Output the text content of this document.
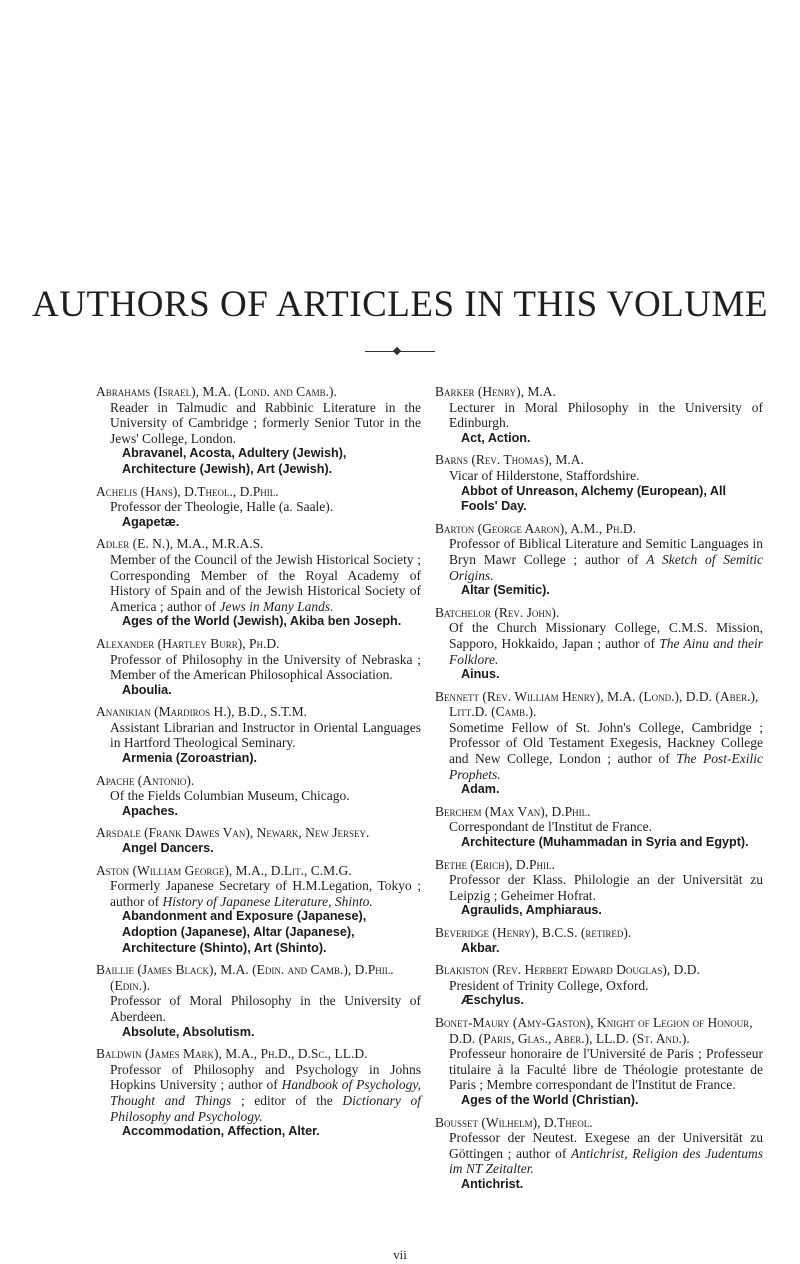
AUTHORS OF ARTICLES IN THIS VOLUME
Abrahams (Israel), M.A. (Lond. and Camb.).
Reader in Talmudic and Rabbinic Literature in the University of Cambridge ; formerly Senior Tutor in the Jews' College, London.
Abravanel, Acosta, Adultery (Jewish), Architecture (Jewish), Art (Jewish).
Achelis (Hans), D.Theol., D.Phil.
Professor der Theologie, Halle (a. Saale).
Agapetæ.
Adler (E. N.), M.A., M.R.A.S.
Member of the Council of the Jewish Historical Society ; Corresponding Member of the Royal Academy of History of Spain and of the Jewish Historical Society of America ; author of Jews in Many Lands.
Ages of the World (Jewish), Akiba ben Joseph.
Alexander (Hartley Burr), Ph.D.
Professor of Philosophy in the University of Nebraska ; Member of the American Philosophical Association.
Aboulia.
Ananikian (Mardiros H.), B.D., S.T.M.
Assistant Librarian and Instructor in Oriental Languages in Hartford Theological Seminary.
Armenia (Zoroastrian).
Apache (Antonio).
Of the Fields Columbian Museum, Chicago.
Apaches.
Arsdale (Frank Dawes Van), Newark, New Jersey.
Angel Dancers.
Aston (William George), M.A., D.Lit., C.M.G.
Formerly Japanese Secretary of H.M.Legation, Tokyo ; author of History of Japanese Literature, Shinto.
Abandonment and Exposure (Japanese), Adoption (Japanese), Altar (Japanese), Architecture (Shinto), Art (Shinto).
Baillie (James Black), M.A. (Edin. and Camb.), D.Phil. (Edin.).
Professor of Moral Philosophy in the University of Aberdeen.
Absolute, Absolutism.
Baldwin (James Mark), M.A., Ph.D., D.Sc., LL.D.
Professor of Philosophy and Psychology in Johns Hopkins University ; author of Handbook of Psychology, Thought and Things ; editor of the Dictionary of Philosophy and Psychology.
Accommodation, Affection, Alter.
Barker (Henry), M.A.
Lecturer in Moral Philosophy in the University of Edinburgh.
Act, Action.
Barns (Rev. Thomas), M.A.
Vicar of Hilderstone, Staffordshire.
Abbot of Unreason, Alchemy (European), All Fools' Day.
Barton (George Aaron), A.M., Ph.D.
Professor of Biblical Literature and Semitic Languages in Bryn Mawr College ; author of A Sketch of Semitic Origins.
Altar (Semitic).
Batchelor (Rev. John).
Of the Church Missionary College, C.M.S. Mission, Sapporo, Hokkaido, Japan ; author of The Ainu and their Folklore.
Ainus.
Bennett (Rev. William Henry), M.A. (Lond.), D.D. (Aber.), Litt.D. (Camb.).
Sometime Fellow of St. John's College, Cambridge ; Professor of Old Testament Exegesis, Hackney College and New College, London ; author of The Post-Exilic Prophets.
Adam.
Berchem (Max Van), D.Phil.
Correspondant de l'Institut de France.
Architecture (Muhammadan in Syria and Egypt).
Bethe (Erich), D.Phil.
Professor der Klass. Philologie an der Universität zu Leipzig ; Geheimer Hofrat.
Agraulids, Amphiaraus.
Beveridge (Henry), B.C.S. (retired).
Akbar.
Blakiston (Rev. Herbert Edward Douglas), D.D.
President of Trinity College, Oxford.
Æschylus.
Bonet-Maury (Amy-Gaston), Knight of Legion of Honour, D.D. (Paris, Glas., Aber.), LL.D. (St. And.).
Professeur honoraire de l'Université de Paris ; Professeur titulaire à la Faculté libre de Théologie protestante de Paris ; Membre correspondant de l'Institut de France.
Ages of the World (Christian).
Bousset (Wilhelm), D.Theol.
Professor der Neutest. Exegese an der Universität zu Göttingen ; author of Antichrist, Religion des Judentums im NT Zeitalter.
Antichrist.
vii
